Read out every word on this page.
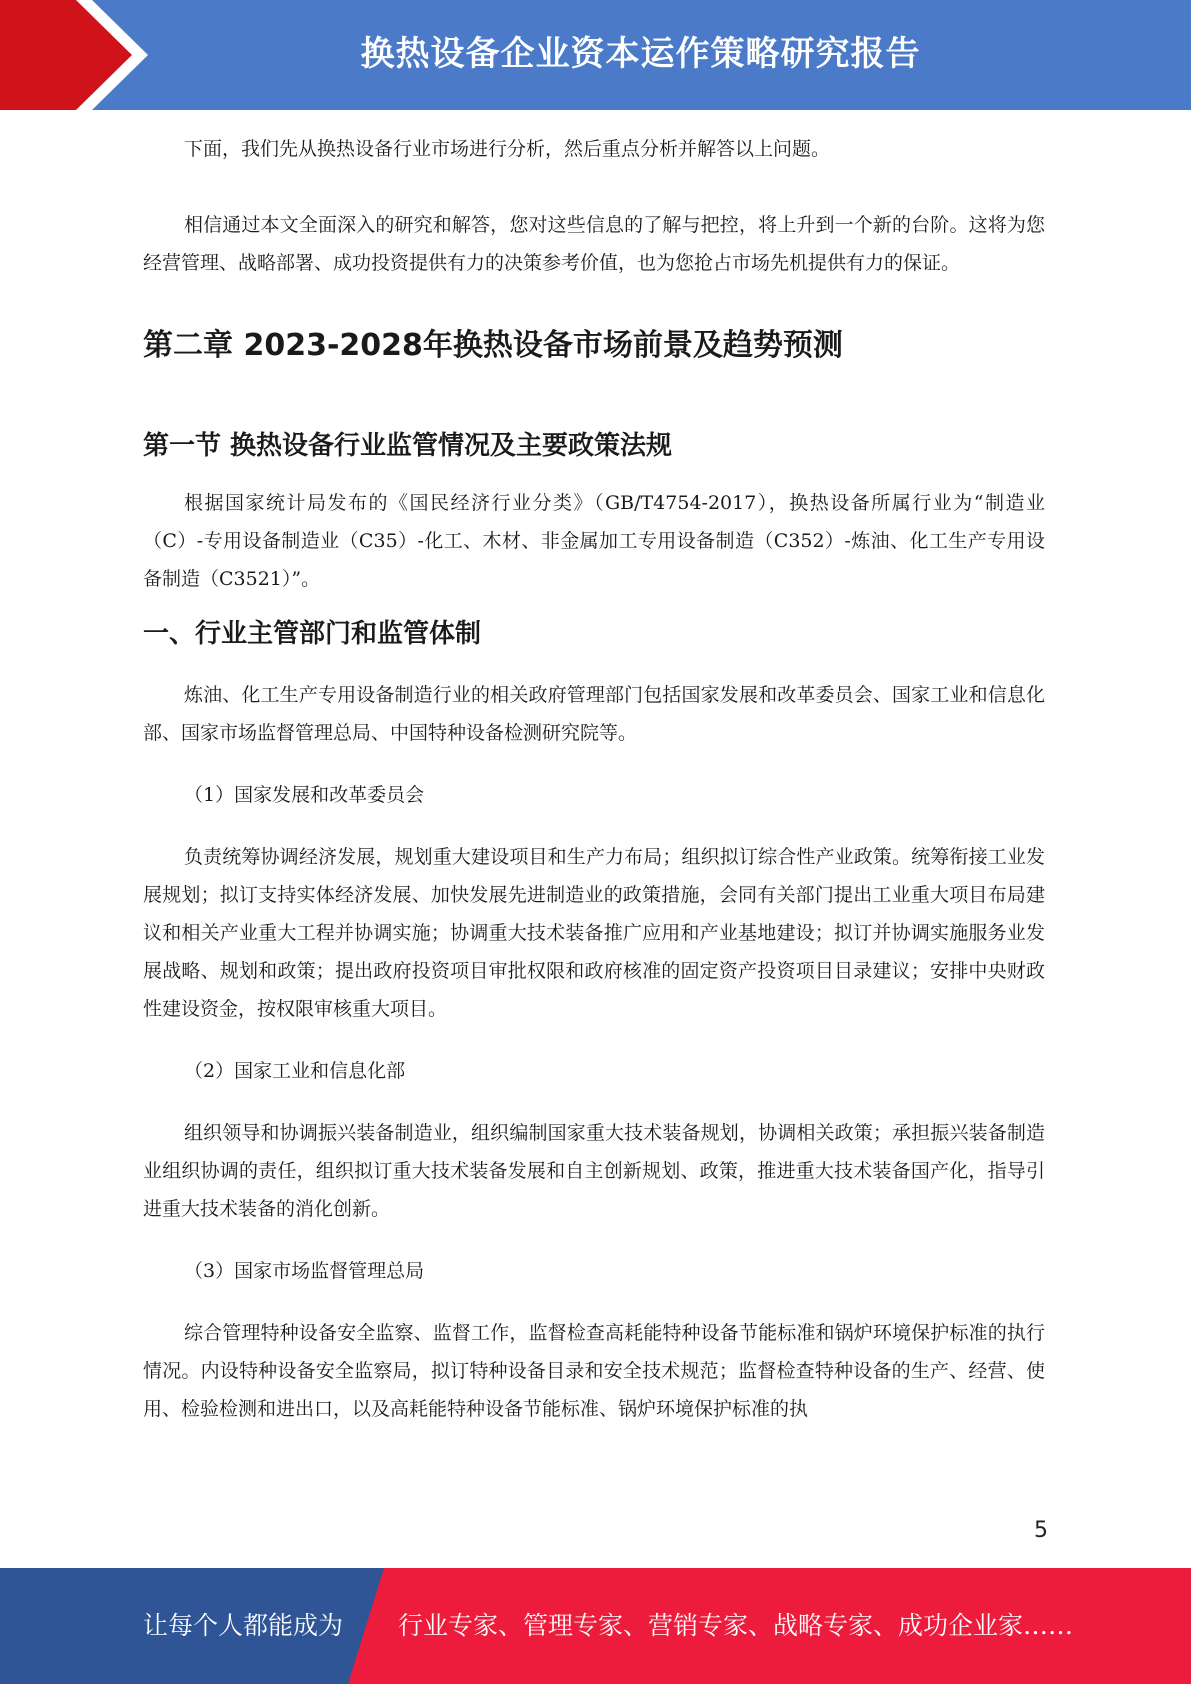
换热设备企业资本运作策略研究报告

下面，我们先从换热设备行业市场进行分析，然后重点分析并解答以上问题。

相信通过本文全面深入的研究和解答，您对这些信息的了解与把控，将上升到一个新的台阶。这将为您经营管理、战略部署、成功投资提供有力的决策参考价值，也为您抢占市场先机提供有力的保证。

第二章 2023-2028年换热设备市场前景及趋势预测
第一节 换热设备行业监管情况及主要政策法规

根据国家统计局发布的《国民经济行业分类》（GB/T4754-2017），换热设备所属行业为“制造业（C）-专用设备制造业（C35）-化工、木材、非金属加工专用设备制造（C352）-炼油、化工生产专用设备制造（C3521）”。

一、行业主管部门和监管体制

炼油、化工生产专用设备制造行业的相关政府管理部门包括国家发展和改革委员会、国家工业和信息化部、国家市场监督管理总局、中国特种设备检测研究院等。

（1）国家发展和改革委员会

负责统筹协调经济发展，规划重大建设项目和生产力布局；组织拟订综合性产业政策。统筹衔接工业发展规划；拟订支持实体经济发展、加快发展先进制造业的政策措施，会同有关部门提出工业重大项目布局建议和相关产业重大工程并协调实施；协调重大技术装备推广应用和产业基地建设；拟订并协调实施服务业发展战略、规划和政策；提出政府投资项目审批权限和政府核准的固定资产投资项目目录建议；安排中央财政性建设资金，按权限审核重大项目。

（2）国家工业和信息化部

组织领导和协调振兴装备制造业，组织编制国家重大技术装备规划，协调相关政策；承担振兴装备制造业组织协调的责任，组织拟订重大技术装备发展和自主创新规划、政策，推进重大技术装备国产化，指导引进重大技术装备的消化创新。

（3）国家市场监督管理总局

综合管理特种设备安全监察、监督工作，监督检查高耗能特种设备节能标准和锅炉环境保护标准的执行情况。内设特种设备安全监察局，拟订特种设备目录和安全技术规范；监督检查特种设备的生产、经营、使用、检验检测和进出口，以及高耗能特种设备节能标准、锅炉环境保护标准的执

5
让每个人都能成为 行业专家、管理专家、营销专家、战略专家、成功企业家……
